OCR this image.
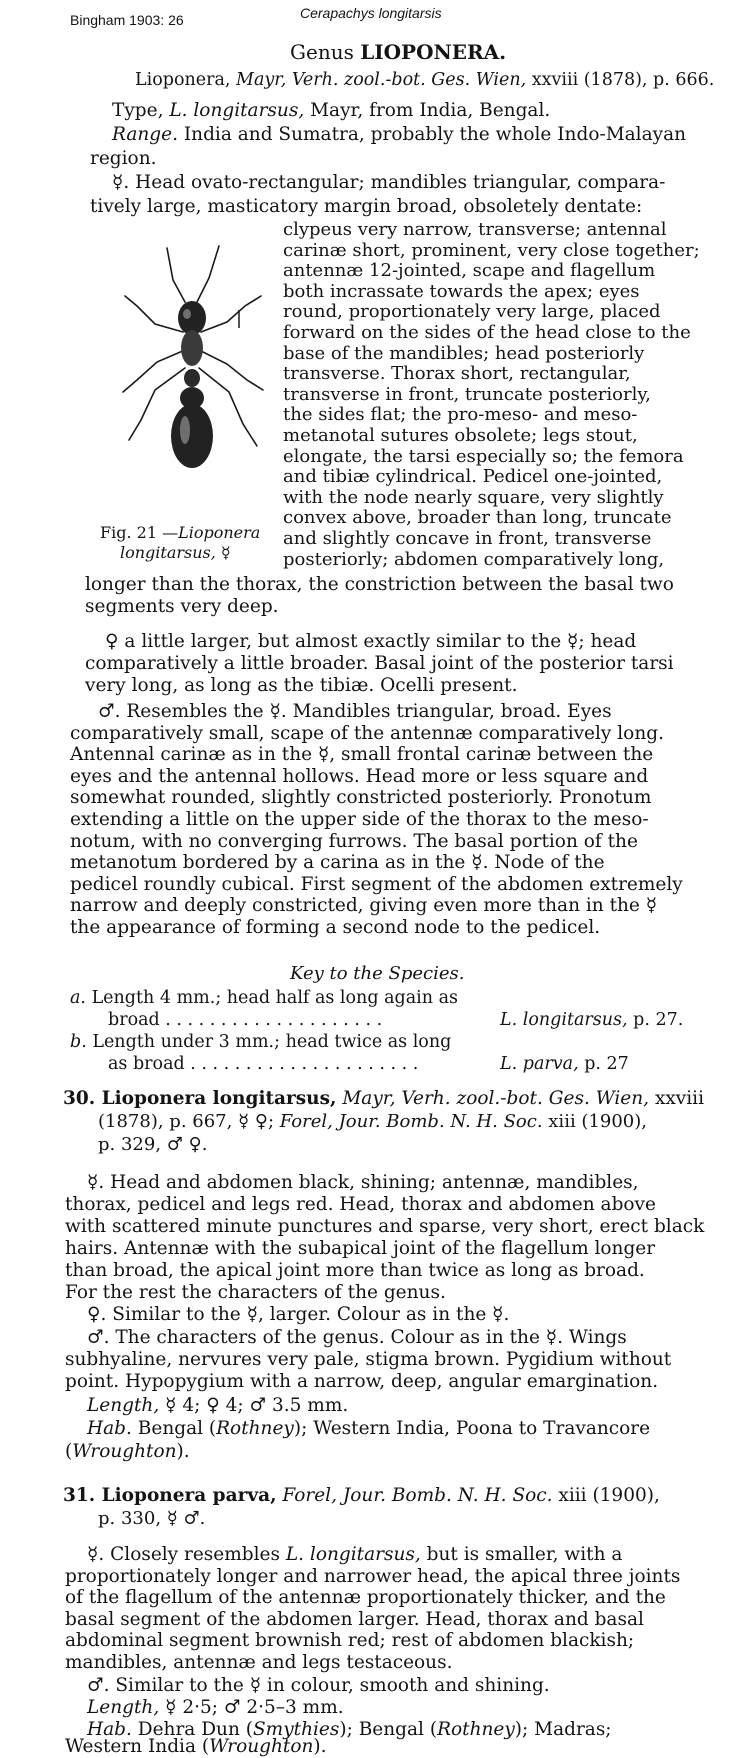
Bingham 1903: 26	Cerapachys longitarsis
Genus LIOPONERA.
Lioponera, Mayr, Verh. zool.-bot. Ges. Wien, xxviii (1878), p. 666.
Type, L. longitarsus, Mayr, from India, Bengal.
Range. India and Sumatra, probably the whole Indo-Malayan
region.
☿. Head ovato-rectangular; mandibles triangular, compara-
tively large, masticatory margin broad, obsoletely dentate:
Fig. 21 —Lioponera
longitarsus, ☿
clypeus very narrow, transverse; antennal
carinæ short, prominent, very close together;
antennæ 12-jointed, scape and flagellum
both incrassate towards the apex; eyes
round, proportionately very large, placed
forward on the sides of the head close to the
base of the mandibles; head posteriorly
transverse. Thorax short, rectangular,
transverse in front, truncate posteriorly,
the sides flat; the pro-meso- and meso-
metanotal sutures obsolete; legs stout,
elongate, the tarsi especially so; the femora
and tibiæ cylindrical. Pedicel one-jointed,
with the node nearly square, very slightly
convex above, broader than long, truncate
and slightly concave in front, transverse
posteriorly; abdomen comparatively long,
longer than the thorax, the constriction between the basal two
segments very deep.
♀ a little larger, but almost exactly similar to the ☿; head
comparatively a little broader. Basal joint of the posterior tarsi
very long, as long as the tibiæ. Ocelli present.
♂. Resembles the ☿. Mandibles triangular, broad. Eyes
comparatively small, scape of the antennæ comparatively long.
Antennal carinæ as in the ☿, small frontal carinæ between the
eyes and the antennal hollows. Head more or less square and
somewhat rounded, slightly constricted posteriorly. Pronotum
extending a little on the upper side of the thorax to the meso-
notum, with no converging furrows. The basal portion of the
metanotum bordered by a carina as in the ☿. Node of the
pedicel roundly cubical. First segment of the abdomen extremely
narrow and deeply constricted, giving even more than in the ☿
the appearance of forming a second node to the pedicel.
Key to the Species.
a. Length 4 mm.; head half as long again as
broad . . . . . . . . . . . . . . . . . . . .	L. longitarsus, p. 27.
b. Length under 3 mm.; head twice as long
as broad . . . . . . . . . . . . . . . . . . . . .	L. parva, p. 27
30. Lioponera longitarsus, Mayr, Verh. zool.-bot. Ges. Wien, xxviii
(1878), p. 667, ☿ ♀; Forel, Jour. Bomb. N. H. Soc. xiii (1900),
p. 329, ♂ ♀.
☿. Head and abdomen black, shining; antennæ, mandibles,
thorax, pedicel and legs red. Head, thorax and abdomen above
with scattered minute punctures and sparse, very short, erect black
hairs. Antennæ with the subapical joint of the flagellum longer
than broad, the apical joint more than twice as long as broad.
For the rest the characters of the genus.
♀. Similar to the ☿, larger. Colour as in the ☿.
♂. The characters of the genus. Colour as in the ☿. Wings
subhyaline, nervures very pale, stigma brown. Pygidium without
point. Hypopygium with a narrow, deep, angular emargination.
Length, ☿ 4; ♀ 4; ♂ 3.5 mm.
Hab. Bengal (Rothney); Western India, Poona to Travancore
(Wroughton).
31. Lioponera parva, Forel, Jour. Bomb. N. H. Soc. xiii (1900),
p. 330, ☿ ♂.
☿. Closely resembles L. longitarsus, but is smaller, with a
proportionately longer and narrower head, the apical three joints
of the flagellum of the antennæ proportionately thicker, and the
basal segment of the abdomen larger. Head, thorax and basal
abdominal segment brownish red; rest of abdomen blackish;
mandibles, antennæ and legs testaceous.
♂. Similar to the ☿ in colour, smooth and shining.
Length, ☿ 2·5; ♂ 2·5–3 mm.
Hab. Dehra Dun (Smythies); Bengal (Rothney); Madras;
Western India (Wroughton).
